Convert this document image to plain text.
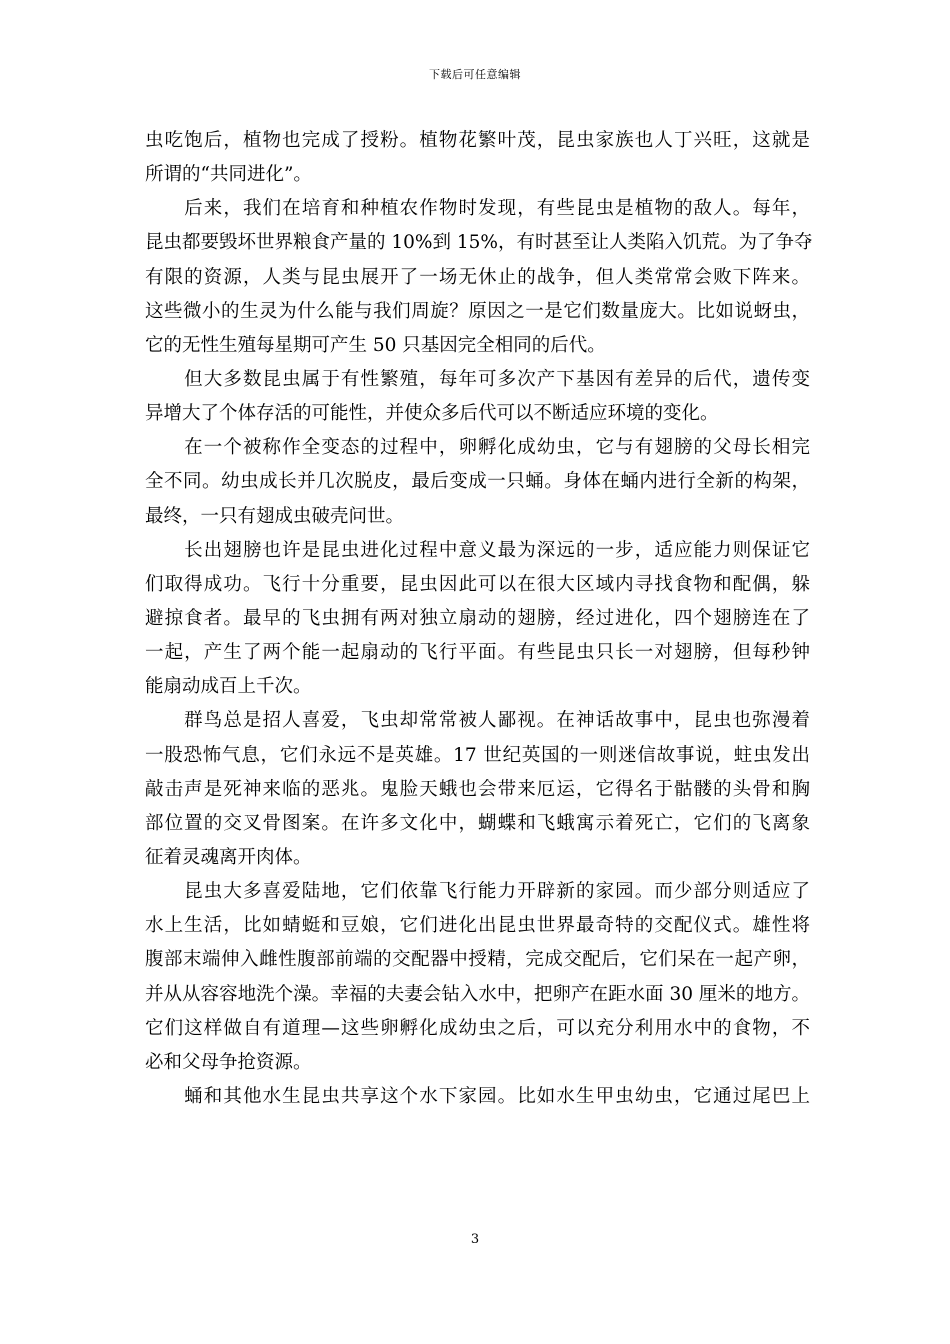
下载后可任意编辑
虫吃饱后，植物也完成了授粉。植物花繁叶茂，昆虫家族也人丁兴旺，这就是
所谓的“共同进化”。
　　后来，我们在培育和种植农作物时发现，有些昆虫是植物的敌人。每年，
昆虫都要毁坏世界粮食产量的 10%到 15%，有时甚至让人类陷入饥荒。为了争夺
有限的资源，人类与昆虫展开了一场无休止的战争，但人类常常会败下阵来。
这些微小的生灵为什么能与我们周旋？原因之一是它们数量庞大。比如说蚜虫，
它的无性生殖每星期可产生 50 只基因完全相同的后代。
　　但大多数昆虫属于有性繁殖，每年可多次产下基因有差异的后代，遗传变
异增大了个体存活的可能性，并使众多后代可以不断适应环境的变化。
　　在一个被称作全变态的过程中，卵孵化成幼虫，它与有翅膀的父母长相完
全不同。幼虫成长并几次脱皮，最后变成一只蛹。身体在蛹内进行全新的构架，
最终，一只有翅成虫破壳问世。
　　长出翅膀也许是昆虫进化过程中意义最为深远的一步，适应能力则保证它
们取得成功。飞行十分重要，昆虫因此可以在很大区域内寻找食物和配偶，躲
避掠食者。最早的飞虫拥有两对独立扇动的翅膀，经过进化，四个翅膀连在了
一起，产生了两个能一起扇动的飞行平面。有些昆虫只长一对翅膀，但每秒钟
能扇动成百上千次。
　　群鸟总是招人喜爱，飞虫却常常被人鄙视。在神话故事中，昆虫也弥漫着
一股恐怖气息，它们永远不是英雄。17 世纪英国的一则迷信故事说，蛀虫发出
敲击声是死神来临的恶兆。鬼脸天蛾也会带来厄运，它得名于骷髅的头骨和胸
部位置的交叉骨图案。在许多文化中，蝴蝶和飞蛾寓示着死亡，它们的飞离象
征着灵魂离开肉体。
　　昆虫大多喜爱陆地，它们依靠飞行能力开辟新的家园。而少部分则适应了
水上生活，比如蜻蜓和豆娘，它们进化出昆虫世界最奇特的交配仪式。雄性将
腹部末端伸入雌性腹部前端的交配器中授精，完成交配后，它们呆在一起产卵，
并从从容容地洗个澡。幸福的夫妻会钻入水中，把卵产在距水面 30 厘米的地方。
它们这样做自有道理—这些卵孵化成幼虫之后，可以充分利用水中的食物，不
必和父母争抢资源。
　　蛹和其他水生昆虫共享这个水下家园。比如水生甲虫幼虫，它通过尾巴上
3
